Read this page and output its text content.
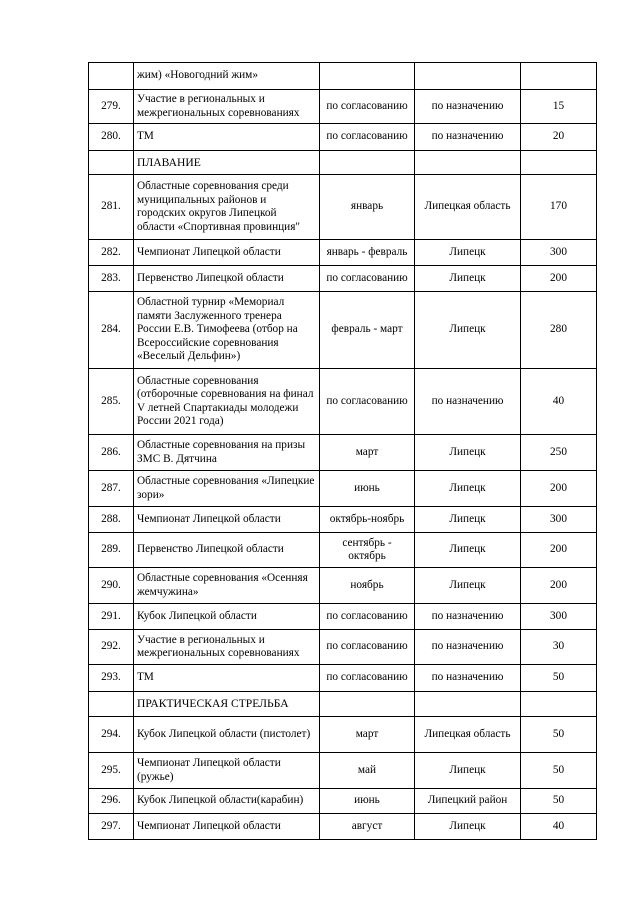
	жим) «Новогодний жим»			
279.	Участие в региональных и межрегиональных соревнованиях	по согласованию	по назначению	15
280.	ТМ	по согласованию	по назначению	20
	ПЛАВАНИЕ			
281.	Областные соревнования среди муниципальных районов и городских округов Липецкой области «Спортивная провинция"	январь	Липецкая область	170
282.	Чемпионат Липецкой области	январь - февраль	Липецк	300
283.	Первенство Липецкой области	по согласованию	Липецк	200
284.	Областной турнир «Мемориал памяти Заслуженного тренера России Е.В. Тимофеева (отбор на Всероссийские соревнования «Веселый Дельфин»)	февраль - март	Липецк	280
285.	Областные соревнования (отборочные соревнования на финал V летней Спартакиады молодежи России 2021 года)	по согласованию	по назначению	40
286.	Областные соревнования на призы ЗМС В. Дятчина	март	Липецк	250
287.	Областные соревнования «Липецкие зори»	июнь	Липецк	200
288.	Чемпионат Липецкой области	октябрь-ноябрь	Липецк	300
289.	Первенство Липецкой области	сентябрь - октябрь	Липецк	200
290.	Областные соревнования «Осенняя жемчужина»	ноябрь	Липецк	200
291.	Кубок Липецкой области	по согласованию	по назначению	300
292.	Участие в региональных и межрегиональных соревнованиях	по согласованию	по назначению	30
293.	ТМ	по согласованию	по назначению	50
	ПРАКТИЧЕСКАЯ СТРЕЛЬБА			
294.	Кубок Липецкой области (пистолет)	март	Липецкая область	50
295.	Чемпионат Липецкой области (ружье)	май	Липецк	50
296.	Кубок Липецкой области(карабин)	июнь	Липецкий район	50
297.	Чемпионат Липецкой области	август	Липецк	40
